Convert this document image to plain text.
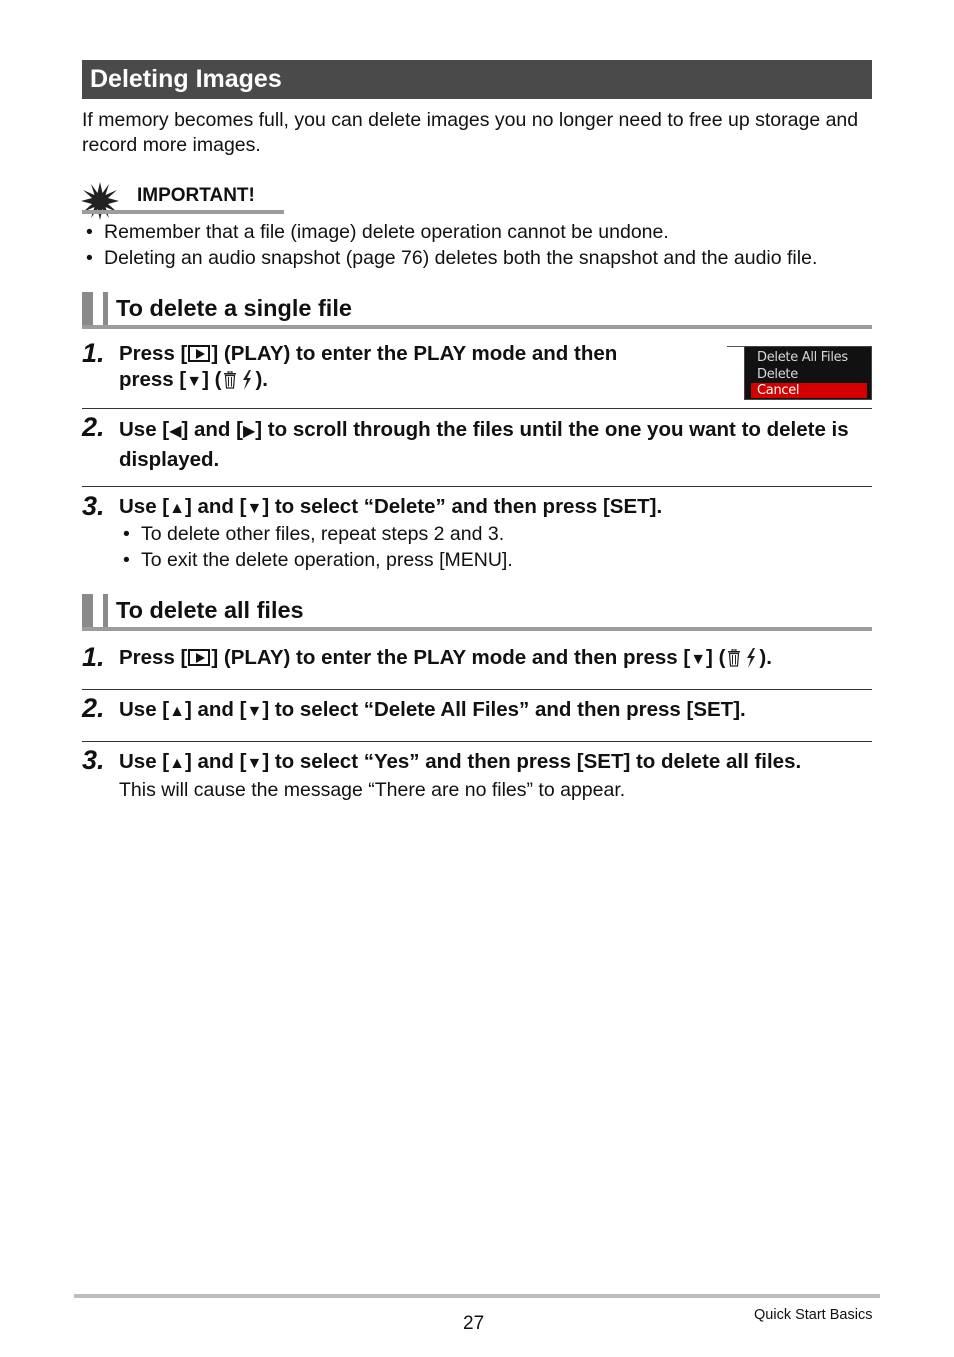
Deleting Images

If memory becomes full, you can delete images you no longer need to free up storage and record more images.

IMPORTANT!
• Remember that a file (image) delete operation cannot be undone.
• Deleting an audio snapshot (page 76) deletes both the snapshot and the audio file.
To delete a single file
1. Press [ ] (PLAY) to enter the PLAY mode and then
press [▼] ( ).

Delete All Files
Delete
Cancel
2. Use [◀] and [▶] to scroll through the files until the one you want to delete is displayed.

3. Use [▲] and [▼] to select “Delete” and then press [SET].

• To delete other files, repeat steps 2 and 3.
• To exit the delete operation, press [MENU].
To delete all files
1. Press [ ] (PLAY) to enter the PLAY mode and then press [▼] ( ).

2. Use [▲] and [▼] to select “Delete All Files” and then press [SET].

3. Use [▲] and [▼] to select “Yes” and then press [SET] to delete all files.

This will cause the message “There are no files” to appear.
27	Quick Start Basics
